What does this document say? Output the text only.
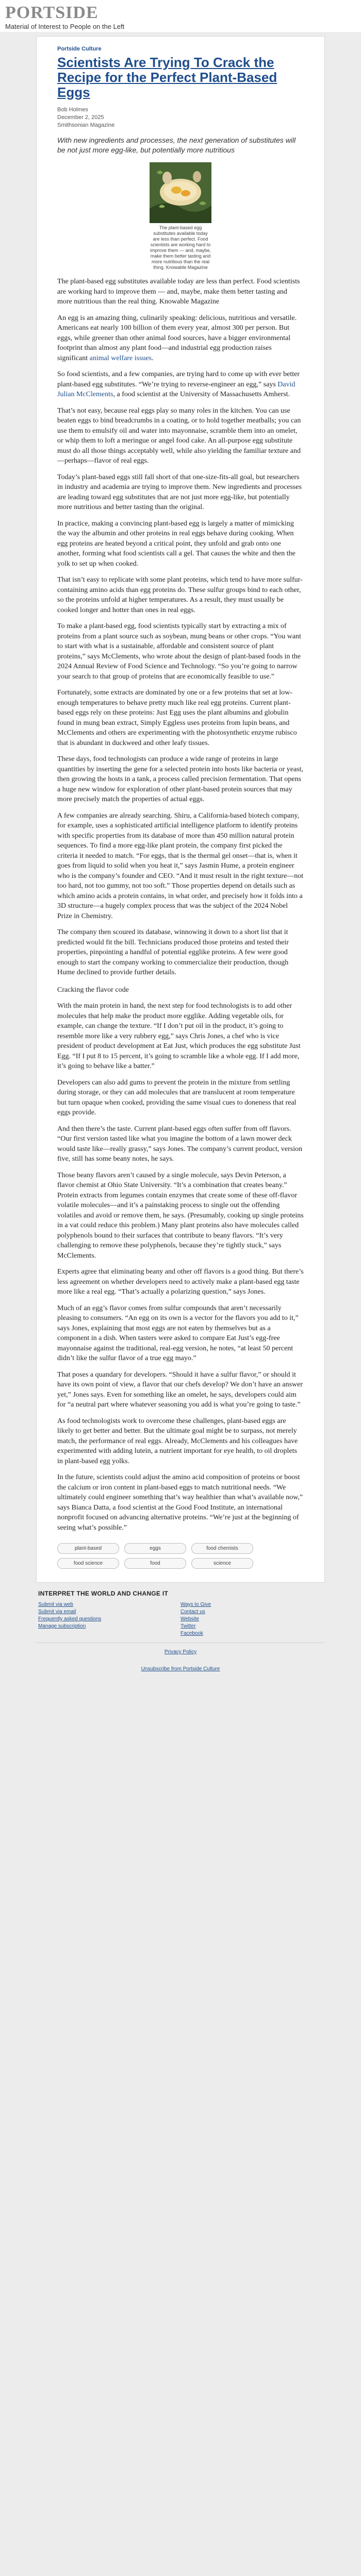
PORTSIDE
Material of Interest to People on the Left
Portside Culture
Scientists Are Trying To Crack the Recipe for the Perfect Plant-Based Eggs
Bob Holmes
December 2, 2025
Smithsonian Magazine
With new ingredients and processes, the next generation of substitutes will be not just more egg-like, but potentially more nutritious
The plant-based egg substitutes available today are less than perfect. Food scientists are working hard to improve them — and, maybe, make them better tasting and more nutritious than the real thing. Knowable Magazine

The plant-based egg substitutes available today are less than perfect. Food scientists are working hard to improve them — and, maybe, make them better tasting and more nutritious than the real thing. Knowable Magazine

An egg is an amazing thing, culinarily speaking: delicious, nutritious and versatile. Americans eat nearly 100 billion of them every year, almost 300 per person. But eggs, while greener than other animal food sources, have a bigger environmental footprint than almost any plant food—and industrial egg production raises significant animal welfare issues.

So food scientists, and a few companies, are trying hard to come up with ever better plant-based egg substitutes. “We’re trying to reverse-engineer an egg,” says David Julian McClements, a food scientist at the University of Massachusetts Amherst.

That’s not easy, because real eggs play so many roles in the kitchen. You can use beaten eggs to bind breadcrumbs in a coating, or to hold together meatballs; you can use them to emulsify oil and water into mayonnaise, scramble them into an omelet, or whip them to loft a meringue or angel food cake. An all-purpose egg substitute must do all those things acceptably well, while also yielding the familiar texture and—perhaps—flavor of real eggs.

Today’s plant-based eggs still fall short of that one-size-fits-all goal, but researchers in industry and academia are trying to improve them. New ingredients and processes are leading toward egg substitutes that are not just more egg-like, but potentially more nutritious and better tasting than the original.

In practice, making a convincing plant-based egg is largely a matter of mimicking the way the albumin and other proteins in real eggs behave during cooking. When egg proteins are heated beyond a critical point, they unfold and grab onto one another, forming what food scientists call a gel. That causes the white and then the yolk to set up when cooked.

That isn’t easy to replicate with some plant proteins, which tend to have more sulfur-containing amino acids than egg proteins do. These sulfur groups bind to each other, so the proteins unfold at higher temperatures. As a result, they must usually be cooked longer and hotter than ones in real eggs.

To make a plant-based egg, food scientists typically start by extracting a mix of proteins from a plant source such as soybean, mung beans or other crops. “You want to start with what is a sustainable, affordable and consistent source of plant proteins,” says McClements, who wrote about the design of plant-based foods in the 2024 Annual Review of Food Science and Technology. “So you’re going to narrow your search to that group of proteins that are economically feasible to use.”

Fortunately, some extracts are dominated by one or a few proteins that set at low-enough temperatures to behave pretty much like real egg proteins. Current plant-based eggs rely on these proteins: Just Egg uses the plant albumins and globulin found in mung bean extract, Simply Eggless uses proteins from lupin beans, and McClements and others are experimenting with the photosynthetic enzyme rubisco that is abundant in duckweed and other leafy tissues.

These days, food technologists can produce a wide range of proteins in large quantities by inserting the gene for a selected protein into hosts like bacteria or yeast, then growing the hosts in a tank, a process called precision fermentation. That opens a huge new window for exploration of other plant-based protein sources that may more precisely match the properties of actual eggs.

A few companies are already searching. Shiru, a California-based biotech company, for example, uses a sophisticated artificial intelligence platform to identify proteins with specific properties from its database of more than 450 million natural protein sequences. To find a more egg-like plant protein, the company first picked the criteria it needed to match. “For eggs, that is the thermal gel onset—that is, when it goes from liquid to solid when you heat it,” says Jasmin Hume, a protein engineer who is the company’s founder and CEO. “And it must result in the right texture—not too hard, not too gummy, not too soft.” Those properties depend on details such as which amino acids a protein contains, in what order, and precisely how it folds into a 3D structure—a hugely complex process that was the subject of the 2024 Nobel Prize in Chemistry.

The company then scoured its database, winnowing it down to a short list that it predicted would fit the bill. Technicians produced those proteins and tested their properties, pinpointing a handful of potential egglike proteins. A few were good enough to start the company working to commercialize their production, though Hume declined to provide further details.

Cracking the flavor code

With the main protein in hand, the next step for food technologists is to add other molecules that help make the product more egglike. Adding vegetable oils, for example, can change the texture. “If I don’t put oil in the product, it’s going to resemble more like a very rubbery egg,” says Chris Jones, a chef who is vice president of product development at Eat Just, which produces the egg substitute Just Egg. “If I put 8 to 15 percent, it’s going to scramble like a whole egg. If I add more, it’s going to behave like a batter.”

Developers can also add gums to prevent the protein in the mixture from settling during storage, or they can add molecules that are translucent at room temperature but turn opaque when cooked, providing the same visual cues to doneness that real eggs provide.

And then there’s the taste. Current plant-based eggs often suffer from off flavors. “Our first version tasted like what you imagine the bottom of a lawn mower deck would taste like—really grassy,” says Jones. The company’s current product, version five, still has some beany notes, he says.

Those beany flavors aren’t caused by a single molecule, says Devin Peterson, a flavor chemist at Ohio State University. “It’s a combination that creates beany.” Protein extracts from legumes contain enzymes that create some of these off-flavor volatile molecules—and it’s a painstaking process to single out the offending volatiles and avoid or remove them, he says. (Presumably, cooking up single proteins in a vat could reduce this problem.) Many plant proteins also have molecules called polyphenols bound to their surfaces that contribute to beany flavors. “It’s very challenging to remove these polyphenols, because they’re tightly stuck,” says McClements.

Experts agree that eliminating beany and other off flavors is a good thing. But there’s less agreement on whether developers need to actively make a plant-based egg taste more like a real egg. “That’s actually a polarizing question,” says Jones.

Much of an egg’s flavor comes from sulfur compounds that aren’t necessarily pleasing to consumers. “An egg on its own is a vector for the flavors you add to it,” says Jones, explaining that most eggs are not eaten by themselves but as a component in a dish. When tasters were asked to compare Eat Just’s egg-free mayonnaise against the traditional, real-egg version, he notes, “at least 50 percent didn’t like the sulfur flavor of a true egg mayo.”

That poses a quandary for developers. “Should it have a sulfur flavor,” or should it have its own point of view, a flavor that our chefs develop? We don’t have an answer yet,” Jones says. Even for something like an omelet, he says, developers could aim for “a neutral part where whatever seasoning you add is what you’re going to taste.”

As food technologists work to overcome these challenges, plant-based eggs are likely to get better and better. But the ultimate goal might be to surpass, not merely match, the performance of real eggs. Already, McClements and his colleagues have experimented with adding lutein, a nutrient important for eye health, to oil droplets in plant-based egg yolks.

In the future, scientists could adjust the amino acid composition of proteins or boost the calcium or iron content in plant-based eggs to match nutritional needs. “We ultimately could engineer something that’s way healthier than what’s available now,” says Bianca Datta, a food scientist at the Good Food Institute, an international nonprofit focused on advancing alternative proteins. “We’re just at the beginning of seeing what’s possible.”

plant-based	eggs	food chemists
food science	food	science
INTERPRET THE WORLD AND CHANGE IT
Submit via web
Submit via email
Frequently asked questions
Manage subscription
Ways to Give
Contact us
Website
Twitter
Facebook
Privacy Policy
Unsubscribe from Portside Culture
